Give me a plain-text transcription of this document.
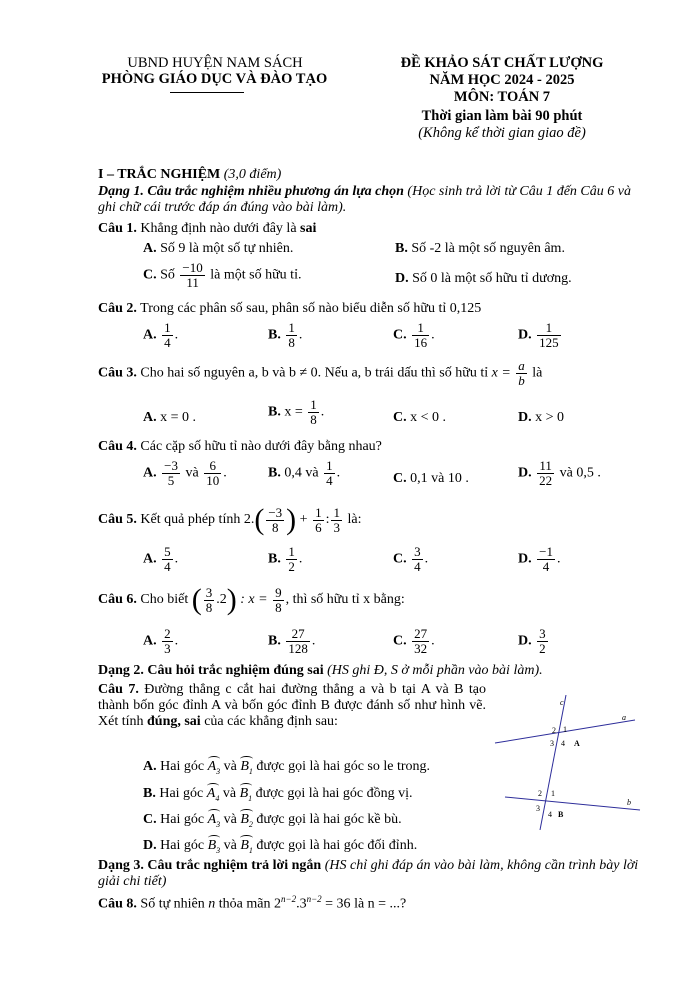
UBND HUYỆN NAM SÁCH
PHÒNG GIÁO DỤC VÀ ĐÀO TẠO
ĐỀ KHẢO SÁT CHẤT LƯỢNG
NĂM HỌC 2024 - 2025
MÔN: TOÁN 7
Thời gian làm bài 90 phút
(Không kể thời gian giao đề)
I – TRẮC NGHIỆM (3,0 điểm)
Dạng 1. Câu trắc nghiệm nhiều phương án lựa chọn (Học sinh trả lời từ Câu 1 đến Câu 6 và ghi chữ cái trước đáp án đúng vào bài làm).
Câu 1. Khẳng định nào dưới đây là sai
A. Số 9 là một số tự nhiên.	B. Số -2 là một số nguyên âm.
C. Số $\frac{-10}{11}$ là một số hữu tỉ.	D. Số 0 là một số hữu tỉ dương.
Câu 2. Trong các phân số sau, phân số nào biểu diễn số hữu tỉ 0,125
A. $\frac{1}{4}$ .	B. $\frac{1}{8}$ .	C. $\frac{1}{16}$ .	D. $\frac{1}{125}$
Câu 3. Cho hai số nguyên a, b và b ≠ 0. Nếu a, b trái dấu thì số hữu tỉ $x = \frac{a}{b}$ là
A. x = 0 .	B. $x = \frac{1}{8}$ .	C. x < 0 .	D. x > 0
Câu 4. Các cặp số hữu tỉ nào dưới đây bằng nhau?
A. $\frac{-3}{5}$ và $\frac{6}{10}$ .	B. 0,4 và $\frac{1}{4}$ .	C. 0,1 và 10 .	D. $\frac{11}{22}$ và 0,5 .
Câu 5. Kết quả phép tính $2.( \frac{-3}{8}$ ) + $\frac{1}{6}$ : $\frac{1}{3}$ là:
A. $\frac{5}{4}$ .	B. $\frac{1}{2}$ .	C. $\frac{3}{4}$ .	D. $\frac{-1}{4}$ .
Câu 6. Cho biết ( $\frac{3}{8} .2$) : $x = \frac{9}{8}$ , thì số hữu tỉ x bằng:
A. $\frac{2}{3}$ .	B. $\frac{27}{128}$ .	C. $\frac{27}{32}$ .	D. $\frac{3}{2}$
Dạng 2. Câu hỏi trắc nghiệm đúng sai (HS ghi Đ, S ở mỗi phần vào bài làm).
Câu 7. Đường thẳng c cắt hai đường thẳng a và b tại A và B tạo thành bốn góc đỉnh A và bốn góc đỉnh B được đánh số như hình vẽ. Xét tính đúng, sai của các khẳng định sau:
A. Hai góc $A_3$ và $B_1$ được gọi là hai góc so le trong.
B. Hai góc $A_4$ và $B_1$ được gọi là hai góc đồng vị.
C. Hai góc $A_3$ và $B_2$ được gọi là hai góc kề bù.
D. Hai góc $B_3$ và $B_1$ được gọi là hai góc đối đỉnh.
c
a
b
2 1
3 4 A
2 1
3
4 B
Dạng 3. Câu trắc nghiệm trả lời ngắn (HS chỉ ghi đáp án vào bài làm, không cần trình bày lời giải chi tiết)
Câu 8. Số tự nhiên n thỏa mãn $2^{n-2}.3^{n-2} = 36$ là n = ...?
